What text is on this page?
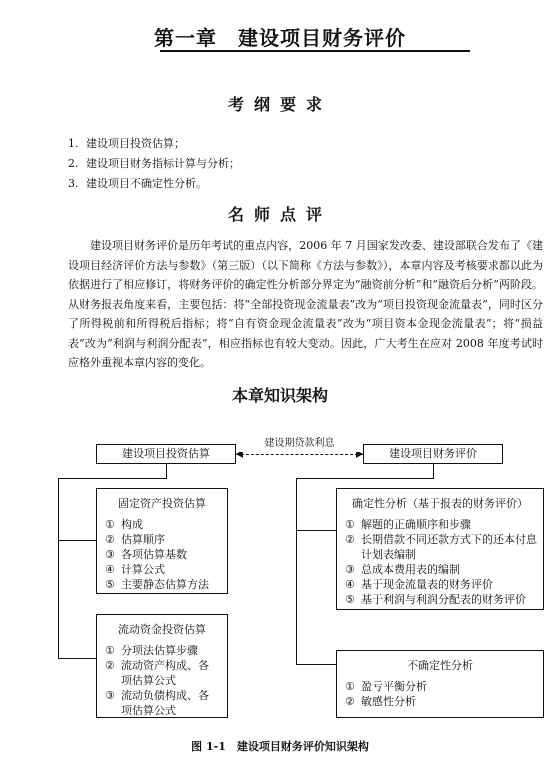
第一章　建设项目财务评价
考纲要求
1. 建设项目投资估算；
2. 建设项目财务指标计算与分析；
3. 建设项目不确定性分析。
名师点评

建设项目财务评价是历年考试的重点内容，2006 年 7 月国家发改委、建设部联合发布了《建设项目经济评价方法与参数》（第三版）（以下简称《方法与参数》），本章内容及考核要求都以此为依据进行了相应修订，将财务评价的确定性分析部分界定为“融资前分析”和“融资后分析”两阶段。从财务报表角度来看，主要包括：将“全部投资现金流量表”改为“项目投资现金流量表”，同时区分了所得税前和所得税后指标；将“自有资金现金流量表”改为“项目资本金现金流量表”；将“损益表”改为“利润与利润分配表”，相应指标也有较大变动。因此，广大考生在应对 2008 年度考试时应格外重视本章内容的变化。

本章知识架构
建设项目投资估算	建设项目财务评价
建设期贷款利息
固定资产投资估算
① 构成
② 估算顺序
③ 各项估算基数
④ 计算公式
⑤ 主要静态估算方法
流动资金投资估算
① 分项法估算步骤
② 流动资产构成、各项估算公式
③ 流动负债构成、各项估算公式
确定性分析（基于报表的财务评价）
① 解题的正确顺序和步骤
② 长期借款不同还款方式下的还本付息计划表编制
③ 总成本费用表的编制
④ 基于现金流量表的财务评价
⑤ 基于利润与利润分配表的财务评价
不确定性分析
① 盈亏平衡分析
② 敏感性分析
图 1-1　建设项目财务评价知识架构
